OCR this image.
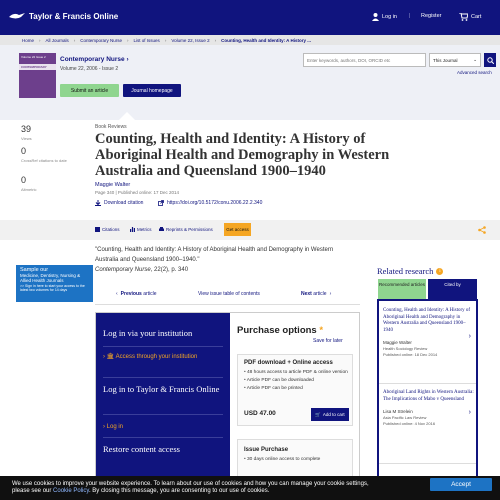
Taylor & Francis Online	Log in | Register	Cart
Home › All Journals › Contemporary Nurse › List of Issues › Volume 22, Issue 2 › Counting, Health and Identity: A History ...
Volume 22 Issue 2
CONTEMPORARY NURSE
Contemporary Nurse ›
Volume 22, 2006 - Issue 2
Submit an article	Journal homepage
Enter keywords, authors, DOI, ORCID etc
This Journal	⌄
Advanced search
39
Views
0
CrossRef citations to date
0
Altmetric
Book Reviews
Counting, Health and Identity: A History of Aboriginal Health and Demography in Western Australia and Queensland 1900–1940
Maggie Walter
Page 340 | Published online: 17 Dec 2014
Download citation	https://doi.org/10.5172/conu.2006.22.2.340
Citations	Metrics	Reprints & Permissions	Get access
"Counting, Health and Identity: A History of Aboriginal Health and Demography in Western Australia and Queensland 1900–1940."
Contemporary Nurse, 22(2), p. 340
Sample our
Medicine, Dentistry, Nursing & Allied Health Journals
>> Sign in here to start your access to the latest two volumes for 14 days
‹ Previous
article	View issue table of contents	Next
article ›
Log in via your institution
› 🏛 Access through your institution
Log in to Taylor & Francis Online
› Log in
Restore content access
Purchase options *
Save for later
PDF download + Online access
• 48 hours access to article PDF & online version
• Article PDF can be downloaded
• Article PDF can be printed
USD 47.00	🛒 Add to cart
Issue Purchase
• 30 days online access to complete
Related research	i
Recommended articles	Cited by
Counting, Health and Identity: A History of Aboriginal Health and Demography in Western Australia and Queensland 1900–1940
Maggie Walter
Health Sociology Review
Published online: 18 Dec 2014
›
Aboriginal Land Rights in Western Australia: The Implications of Mabo v Queensland
Lisa M Strelein
Asia Pacific Law Review
Published online: 4 Nov 2016
›
We use cookies to improve your website experience. To learn about our use of cookies and how you can manage your cookie settings,
please see our Cookie Policy. By closing this message, you are consenting to our use of cookies.
Accept
